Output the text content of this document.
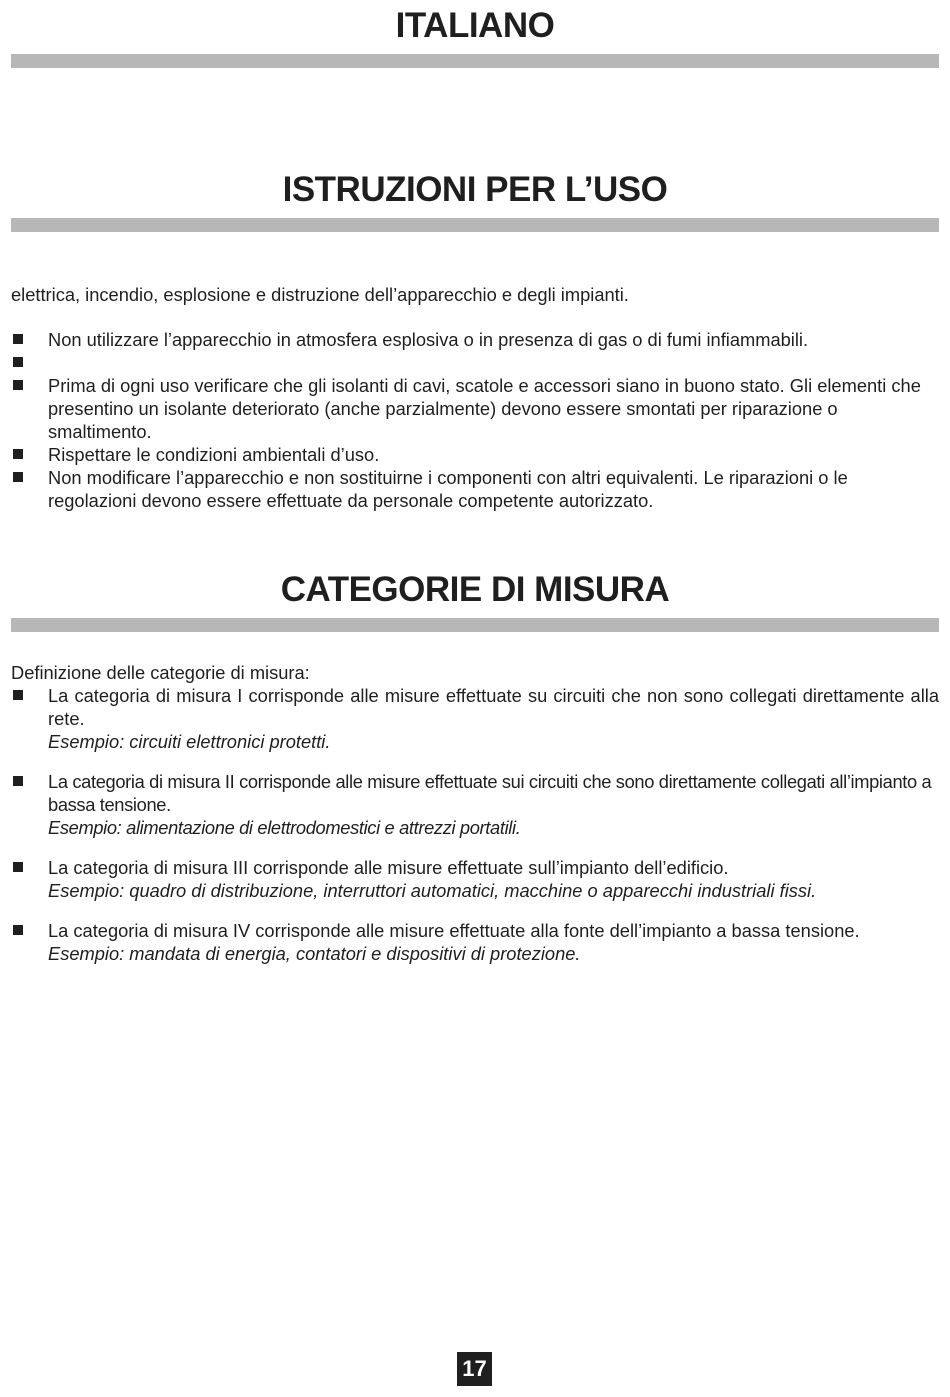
ITALIANO
ISTRUZIONI PER L’USO
elettrica, incendio, esplosione e distruzione dell’apparecchio e degli impianti.
Non utilizzare l’apparecchio in atmosfera esplosiva o in presenza di gas o di fumi infiammabili.

Prima di ogni uso verificare che gli isolanti di cavi, scatole e accessori siano in buono stato. Gli elementi che presentino un isolante deteriorato (anche parzialmente) devono essere smontati per riparazione o smaltimento.
Rispettare le condizioni ambientali d’uso.
Non modificare l’apparecchio e non sostituirne i componenti con altri equivalenti. Le riparazioni o le regolazioni devono essere effettuate da personale competente autorizzato.
CATEGORIE DI MISURA
Definizione delle categorie di misura:
La categoria di misura I corrisponde alle misure effettuate su circuiti che non sono collegati direttamente alla rete.
Esempio: circuiti elettronici protetti.
La categoria di misura II corrisponde alle misure effettuate sui circuiti che sono direttamente collegati all’impianto a bassa tensione.
Esempio: alimentazione di elettrodomestici e attrezzi portatili.
La categoria di misura III corrisponde alle misure effettuate sull’impianto dell’edificio.
Esempio: quadro di distribuzione, interruttori automatici, macchine o apparecchi industriali fissi.
La categoria di misura IV corrisponde alle misure effettuate alla fonte dell’impianto a bassa tensione.
Esempio: mandata di energia, contatori e dispositivi di protezione.
17
